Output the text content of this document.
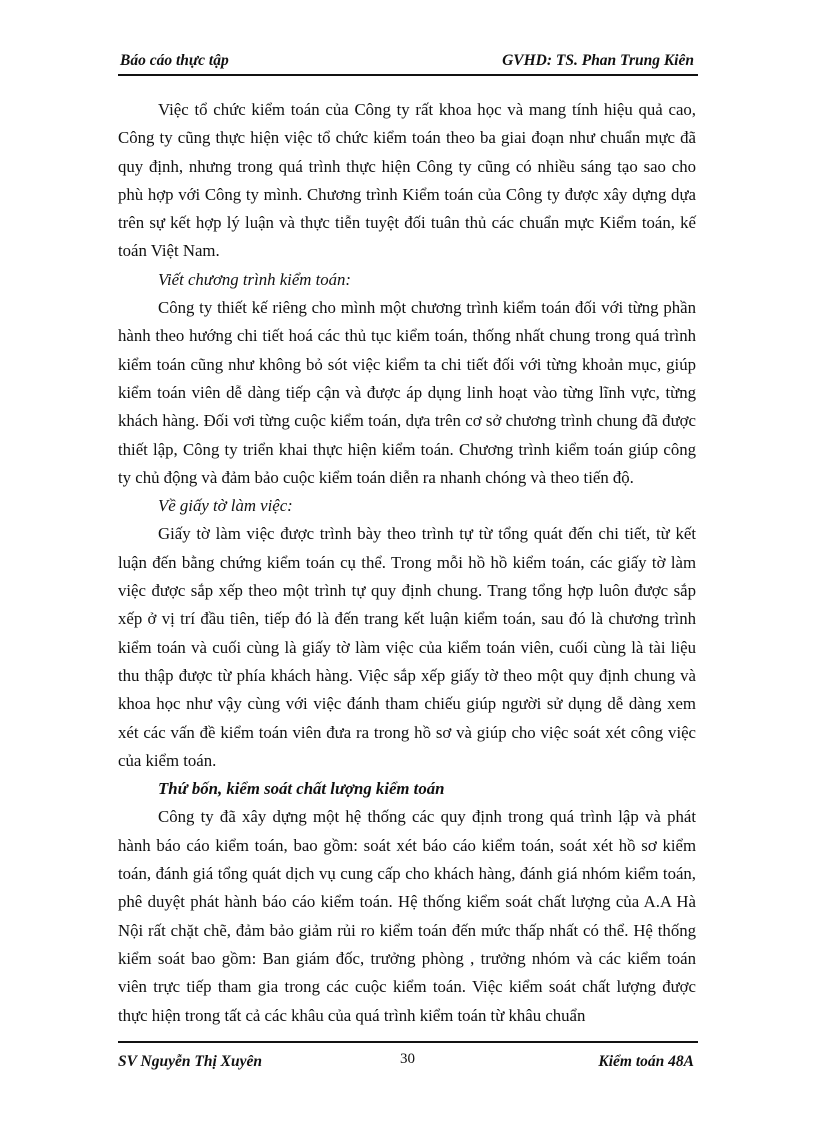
Báo cáo thực tập	GVHD: TS. Phan Trung Kiên

Việc tổ chức kiểm toán của Công ty rất khoa học và mang tính hiệu quả cao, Công ty cũng thực hiện việc tổ chức kiểm toán theo ba giai đoạn như chuẩn mực đã quy định, nhưng trong quá trình thực hiện Công ty cũng có nhiều sáng tạo sao cho phù hợp với Công ty mình. Chương trình Kiểm toán của Công ty được xây dựng dựa trên sự kết hợp lý luận và thực tiễn tuyệt đối tuân thủ các chuẩn mực Kiểm toán, kế toán Việt Nam.

Viết chương trình kiểm toán:

Công ty thiết kế riêng cho mình một chương trình kiểm toán đối với từng phần hành theo hướng chi tiết hoá các thủ tục kiểm toán, thống nhất chung trong quá trình kiểm toán cũng như không bỏ sót việc kiểm ta chi tiết đối với từng khoản mục, giúp kiểm toán viên dễ dàng tiếp cận và được áp dụng linh hoạt vào từng lĩnh vực, từng khách hàng. Đối vơi từng cuộc kiểm toán, dựa trên cơ sở chương trình chung đã được thiết lập, Công ty triển khai thực hiện kiểm toán. Chương trình kiểm toán giúp công ty chủ động và đảm bảo cuộc kiểm toán diễn ra nhanh chóng và theo tiến độ.

Về giấy tờ làm việc:

Giấy tờ làm việc được trình bày theo trình tự từ tổng quát đến chi tiết, từ kết luận đến bằng chứng kiểm toán cụ thể. Trong mỗi hồ hồ kiểm toán, các giấy tờ làm việc được sắp xếp theo một trình tự quy định chung. Trang tổng hợp luôn được sắp xếp ở vị trí đầu tiên, tiếp đó là đến trang kết luận kiểm toán, sau đó là chương trình kiểm toán và cuối cùng là giấy tờ làm việc của kiểm toán viên, cuối cùng là tài liệu thu thập được từ phía khách hàng. Việc sắp xếp giấy tờ theo một quy định chung và khoa học như vậy cùng với việc đánh tham chiếu giúp người sử dụng dễ dàng xem xét các vấn đề kiểm toán viên đưa ra trong hồ sơ và giúp cho việc soát xét công việc của kiểm toán.

Thứ bốn, kiểm soát chất lượng kiểm toán

Công ty đã xây dựng một hệ thống các quy định trong quá trình lập và phát hành báo cáo kiểm toán, bao gồm: soát xét báo cáo kiểm toán, soát xét hồ sơ kiểm toán, đánh giá tổng quát dịch vụ cung cấp cho khách hàng, đánh giá nhóm kiểm toán, phê duyệt phát hành báo cáo kiểm toán. Hệ thống kiểm soát chất lượng của A.A Hà Nội rất chặt chẽ, đảm bảo giảm rủi ro kiểm toán đến mức thấp nhất có thể. Hệ thống kiểm soát bao gồm: Ban giám đốc, trưởng phòng , trưởng nhóm và các kiểm toán viên trực tiếp tham gia trong các cuộc kiểm toán. Việc kiểm soát chất lượng được thực hiện trong tất cả các khâu của quá trình kiểm toán từ khâu chuẩn

SV Nguyễn Thị Xuyên	30	Kiểm toán 48A
